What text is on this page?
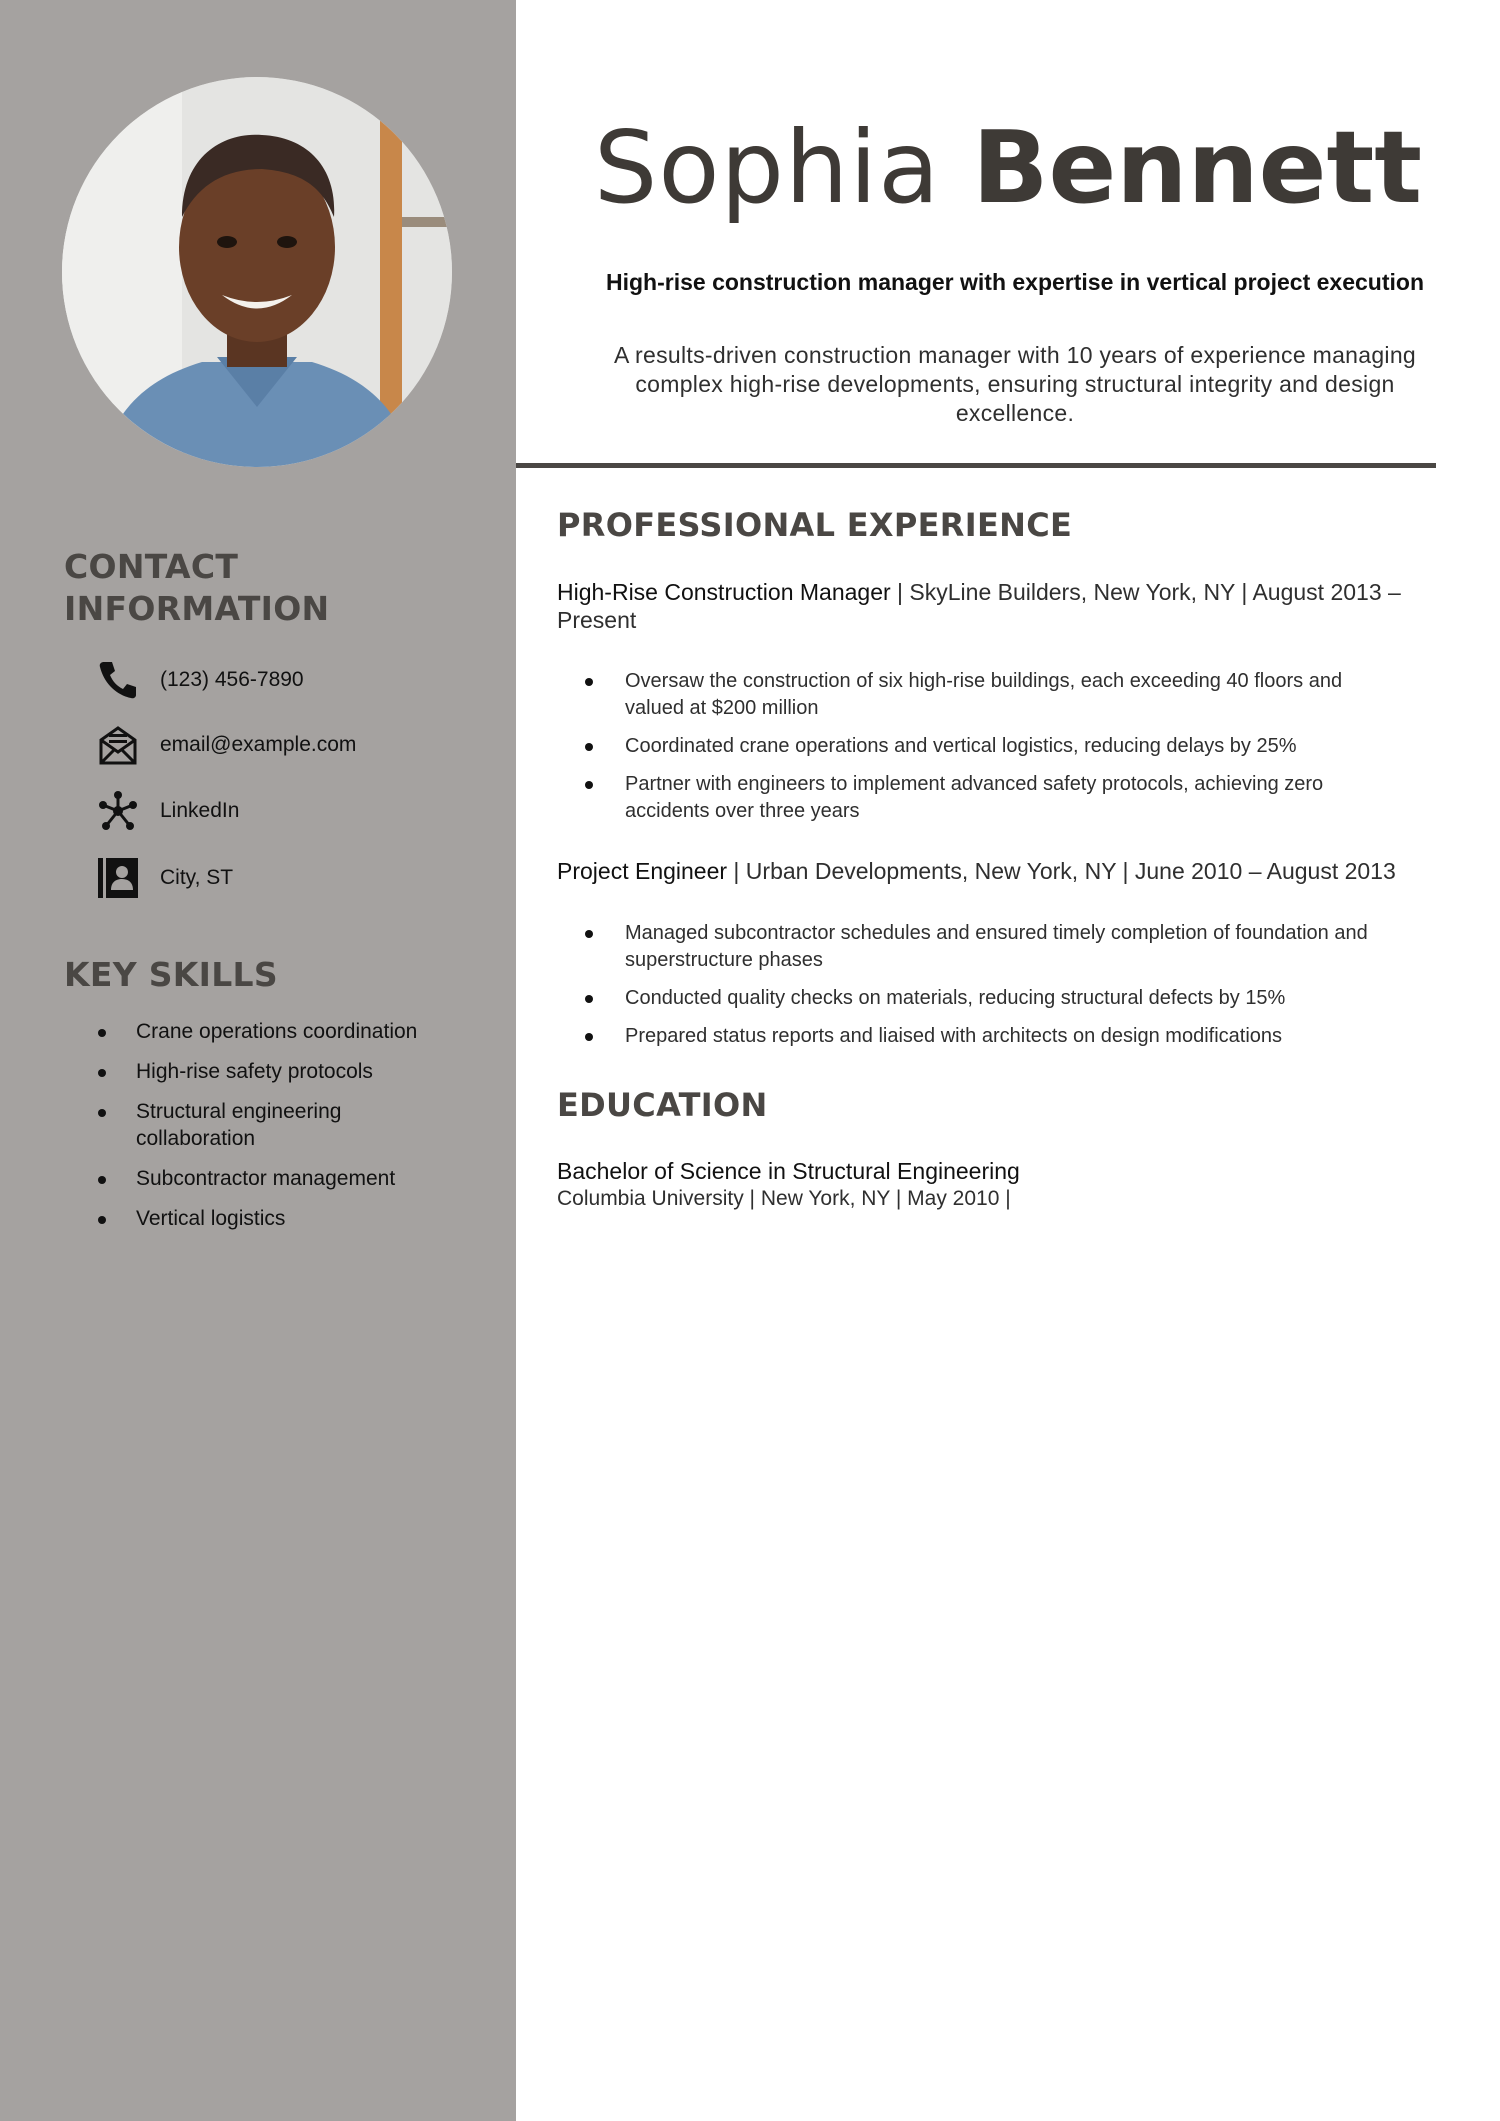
CONTACT INFORMATION
(123) 456-7890
email@example.com
LinkedIn
City, ST
KEY SKILLS
Crane operations coordination
High-rise safety protocols
Structural engineering collaboration
Subcontractor management
Vertical logistics
Sophia Bennett
High-rise construction manager with expertise in vertical project execution
A results-driven construction manager with 10 years of experience managing complex high-rise developments, ensuring structural integrity and design excellence.
PROFESSIONAL EXPERIENCE
High-Rise Construction Manager | SkyLine Builders, New York, NY | August 2013 – Present
Oversaw the construction of six high-rise buildings, each exceeding 40 floors and valued at $200 million
Coordinated crane operations and vertical logistics, reducing delays by 25%
Partner with engineers to implement advanced safety protocols, achieving zero accidents over three years
Project Engineer | Urban Developments, New York, NY | June 2010 – August 2013
Managed subcontractor schedules and ensured timely completion of foundation and superstructure phases
Conducted quality checks on materials, reducing structural defects by 15%
Prepared status reports and liaised with architects on design modifications
EDUCATION
Bachelor of Science in Structural Engineering
Columbia University | New York, NY | May 2010 |
